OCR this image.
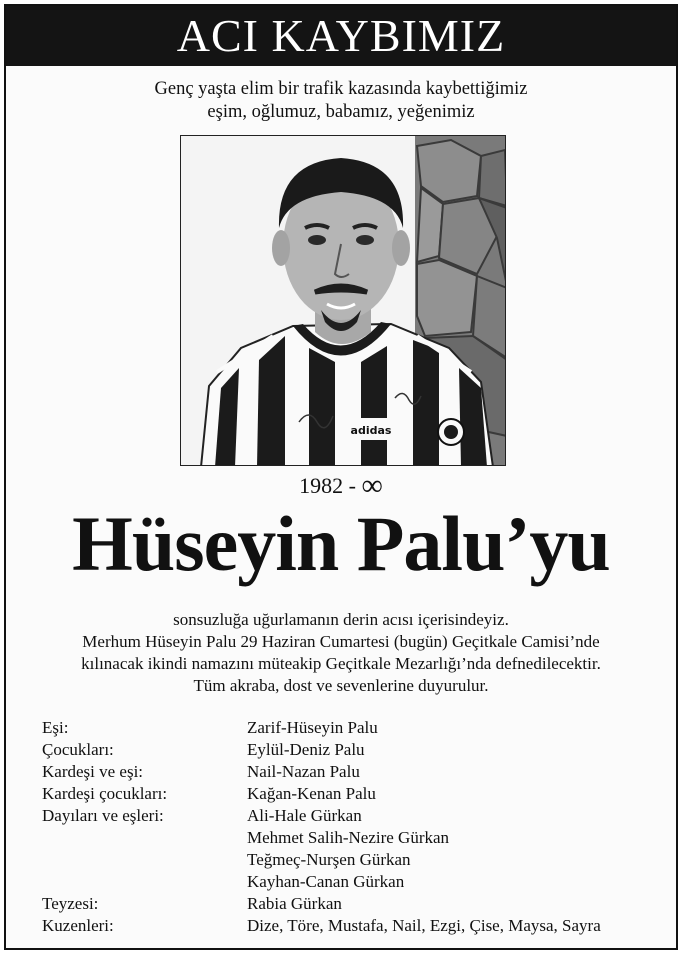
ACI KAYBIMIZ
Genç yaşta elim bir trafik kazasında kaybettiğimiz
eşim, oğlumuz, babamız, yeğenimiz
adidas
1982 - ∞
Hüseyin Palu’yu
sonsuzluğa uğurlamanın derin acısı içerisindeyiz.
Merhum Hüseyin Palu 29 Haziran Cumartesi (bugün) Geçitkale Camisi’nde
kılınacak ikindi namazını müteakip Geçitkale Mezarlığı’nda defnedilecektir.
Tüm akraba, dost ve sevenlerine duyurulur.
Eşi:	Zarif-Hüseyin Palu
Çocukları:	Eylül-Deniz Palu
Kardeşi ve eşi:	Nail-Nazan Palu
Kardeşi çocukları:	Kağan-Kenan Palu
Dayıları ve eşleri:	Ali-Hale Gürkan
Mehmet Salih-Nezire Gürkan
Teğmeç-Nurşen Gürkan
Kayhan-Canan Gürkan
Teyzesi:	Rabia Gürkan
Kuzenleri:	Dize, Töre, Mustafa, Nail, Ezgi, Çise, Maysa, Sayra
